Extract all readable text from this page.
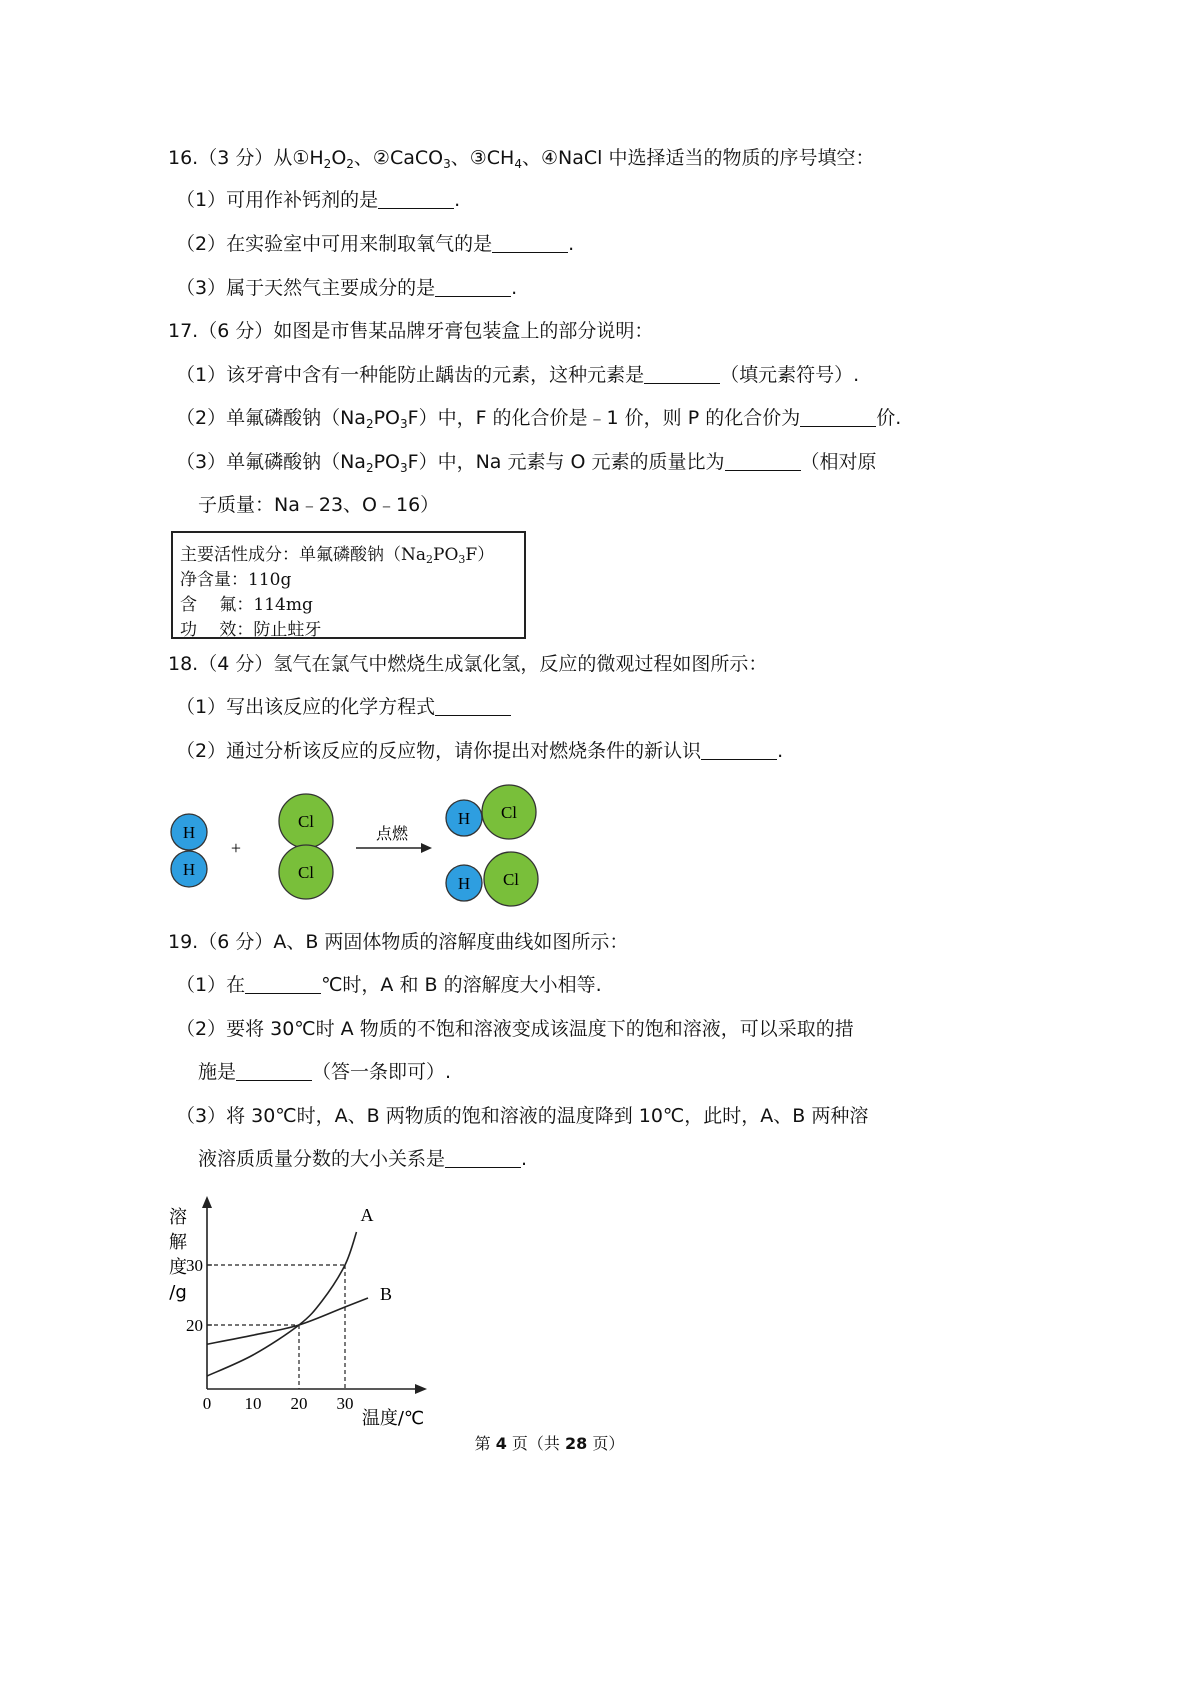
16.（3 分）从$①H_2O_2$、②CaCO$_3$、$③CH_4$、④NaCl 中选择适当的物质的序号填空：
（1）可用作补钙剂的是	.
（2）在实验室中可用来制取氧气的是	.
（3）属于天然气主要成分的是	.
17.（6 分）如图是市售某品牌牙膏包装盒上的部分说明：
（1）该牙膏中含有一种能防止龋齿的元素，这种元素是	（填元素符号）.
（2）单氟磷酸钠$(Na_2PO_3F)$中，F 的化合价是﹣1 价，则 P 的化合价为	价.
（3）单氟磷酸钠$(Na_2PO_3F)$中，Na 元素与 O 元素的质量比为	（相对原
子质量：Na﹣23、O﹣16）
主要活性成分：单氟磷酸钠$(Na_2PO_3F)$
净含量：110g
含　 氟：114mg
功　 效：防止蛀牙
18.（4 分）氢气在氯气中燃烧生成氯化氢，反应的微观过程如图所示：
（1）写出该反应的化学方程式
（2）通过分析该反应的反应物，请你提出对燃烧条件的新认识	.
H
H
+
Cl
Cl
点燃
Cl
H
Cl
H
19.（6 分）A、B 两固体物质的溶解度曲线如图所示：
（1）在	℃时，A 和 B 的溶解度大小相等.
（2）要将 30℃时 A 物质的不饱和溶液变成该温度下的饱和溶液，可以采取的措
施是	（答一条即可）.
（3）将 30℃时，A、B 两物质的饱和溶液的温度降到 10℃，此时，A、B 两种溶
液溶质质量分数的大小关系是	.
溶
解
度
/g
20
30
0 10 20 30
温度/℃
A
B
第 4 页（共 28 页）
